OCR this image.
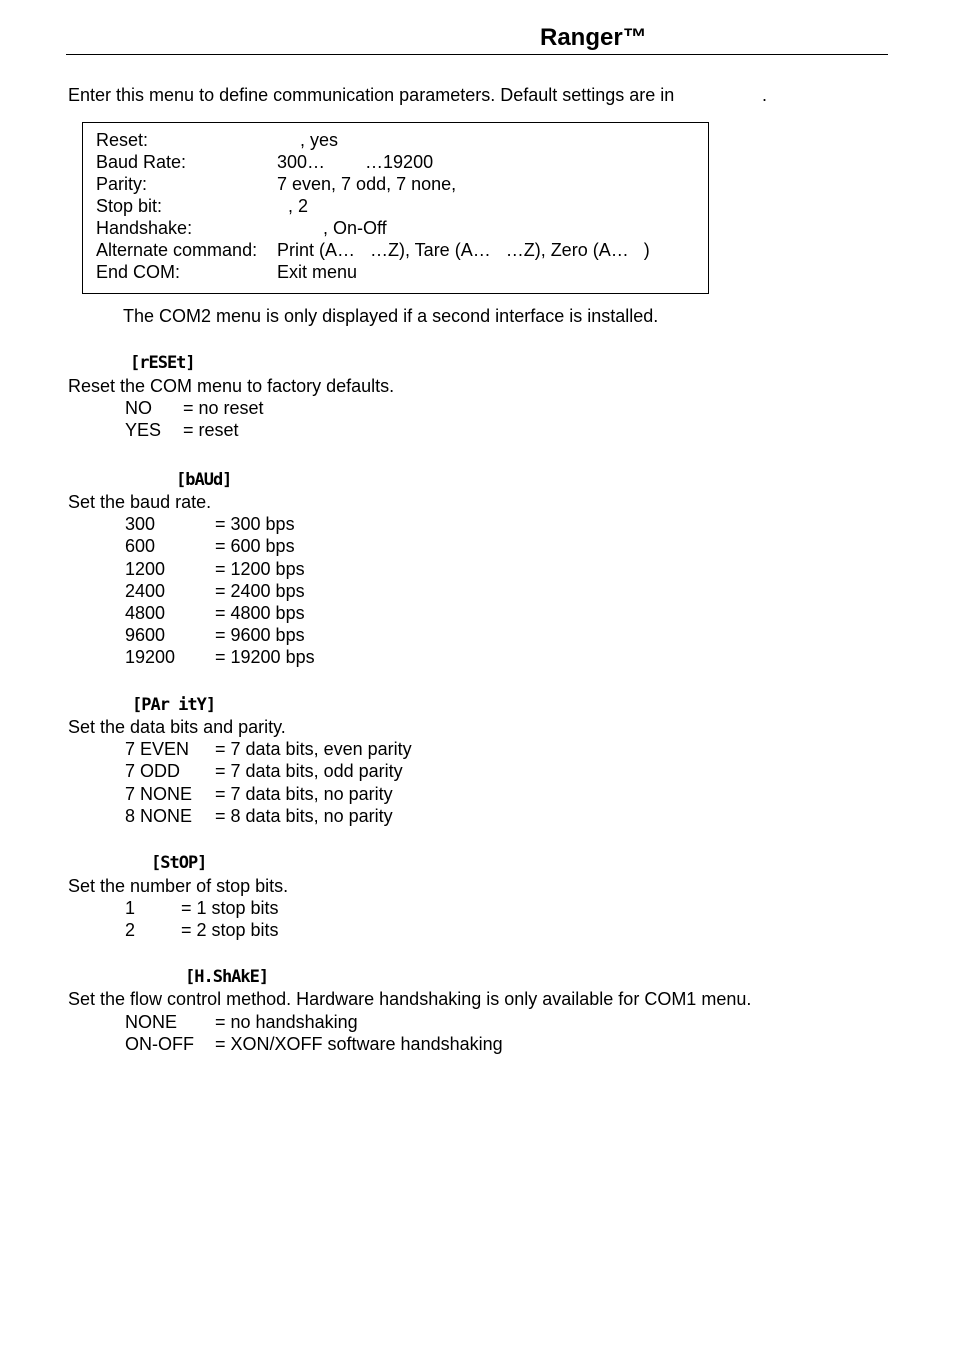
Ranger™
Enter this menu to define communication parameters. Default settings are in	.
Reset:	, yes
Baud Rate:	300…        …19200
Parity:	7 even, 7 odd, 7 none,
Stop bit:	, 2
Handshake:	, On-Off
Alternate command: Print (A…   …Z), Tare (A…   …Z), Zero (A…   )
End COM:	Exit menu
The COM2 menu is only displayed if a second interface is installed.
[rESEt]
Reset the COM menu to factory defaults.
NO = no reset
YES = reset
[bAUd]
Set the baud rate.
300	= 300 bps
600	= 600 bps
1200	= 1200 bps
2400	= 2400 bps
4800	= 4800 bps
9600	= 9600 bps
19200 = 19200 bps
[PAr itY]
Set the data bits and parity.
7 EVEN = 7 data bits, even parity
7 ODD = 7 data bits, odd parity
7 NONE = 7 data bits, no parity
8 NONE = 8 data bits, no parity
[StOP]
Set the number of stop bits.
1	= 1 stop bits
2	= 2 stop bits
[H.ShAkE]
Set the flow control method. Hardware handshaking is only available for COM1 menu.
NONE = no handshaking
ON-OFF = XON/XOFF software handshaking
